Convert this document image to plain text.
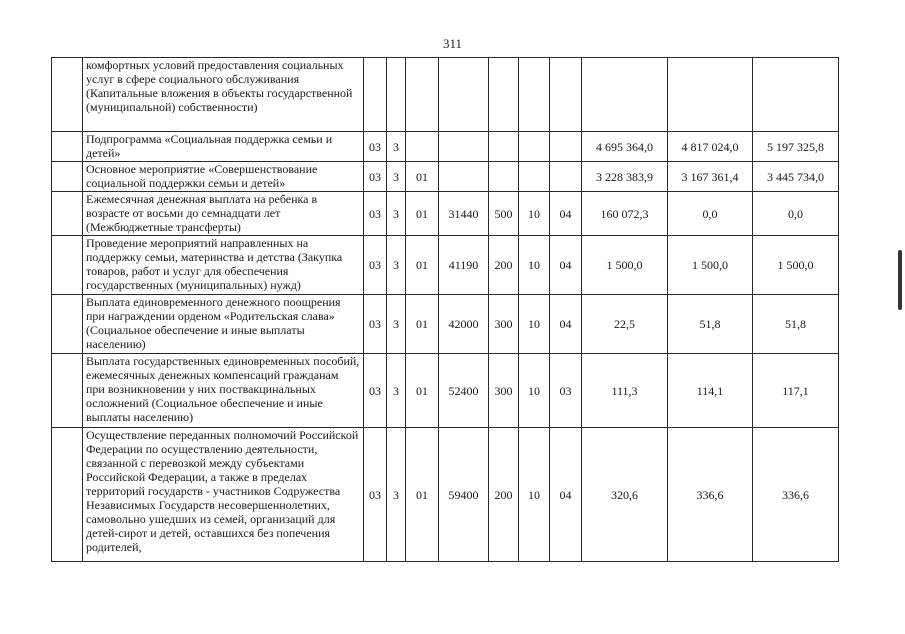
311
	комфортных условий предоставления социальных услуг в сфере социального обслуживания (Капитальные вложения в объекты государственной (муниципальной) собственности)										
	Подпрограмма «Социальная поддержка семьи и детей»	03	3						4 695 364,0	4 817 024,0	5 197 325,8
	Основное мероприятие «Совершенствование социальной поддержки семьи и детей»	03	3	01					3 228 383,9	3 167 361,4	3 445 734,0
	Ежемесячная денежная выплата на ребенка в возрасте от восьми до семнадцати лет (Межбюджетные трансферты)	03	3	01	31440	500	10	04	160 072,3	0,0	0,0
	Проведение мероприятий направленных на поддержку семьи, материнства и детства (Закупка товаров, работ и услуг для обеспечения государственных (муниципальных) нужд)	03	3	01	41190	200	10	04	1 500,0	1 500,0	1 500,0
	Выплата единовременного денежного поощрения при награждении орденом «Родительская слава» (Социальное обеспечение и иные выплаты населению)	03	3	01	42000	300	10	04	22,5	51,8	51,8
	Выплата государственных единовременных пособий, ежемесячных денежных компенсаций гражданам при возникновении у них поствакцинальных осложнений (Социальное обеспечение и иные выплаты населению)	03	3	01	52400	300	10	03	111,3	114,1	117,1
	Осуществление переданных полномочий Российской Федерации по осуществлению деятельности, связанной с перевозкой между субъектами Российской Федерации, а также в пределах территорий государств - участников Содружества Независимых Государств несовершеннолетних, самовольно ушедших из семей, организаций для детей-сирот и детей, оставшихся без попечения родителей,	03	3	01	59400	200	10	04	320,6	336,6	336,6
